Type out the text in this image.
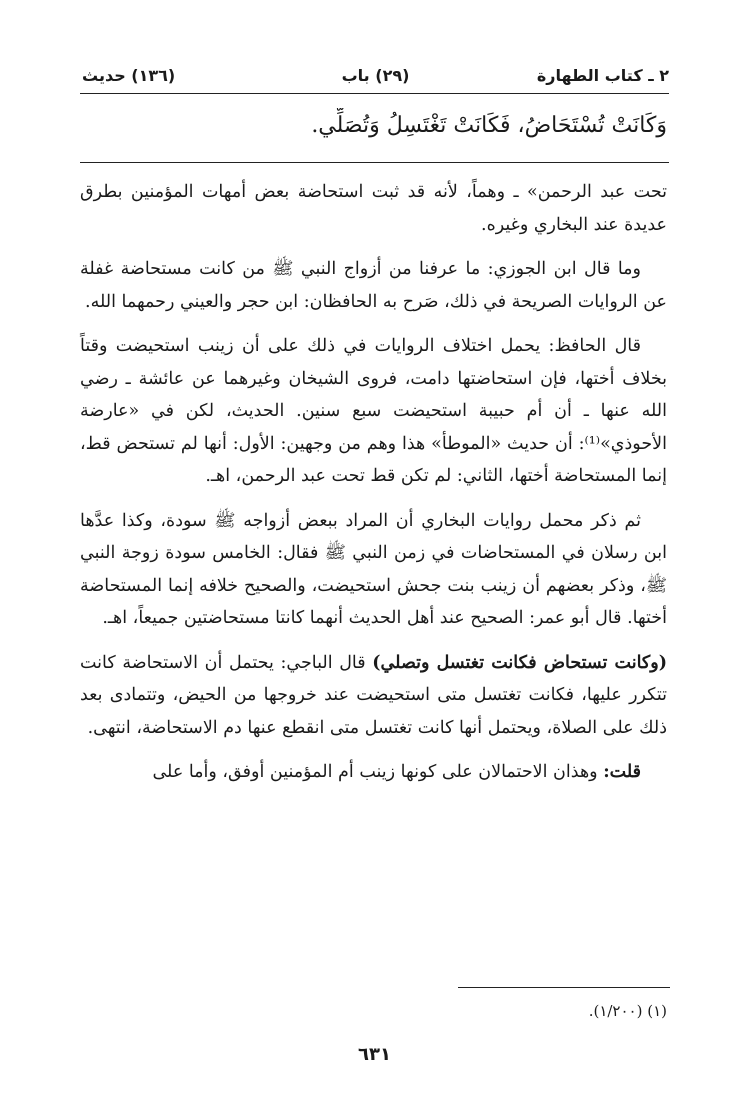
٢ ـ كتاب الطهارة
(٢٩) باب
(١٣٦) حديث
وَكَانَتْ تُسْتَحَاضُ، فَكَانَتْ تَغْتَسِلُ وَتُصَلِّي.

تحت عبد الرحمن» ـ وهماً، لأنه قد ثبت استحاضة بعض أمهات المؤمنين بطرق عديدة عند البخاري وغيره.

وما قال ابن الجوزي: ما عرفنا من أزواج النبي ﷺ من كانت مستحاضة غفلة عن الروايات الصريحة في ذلك، صَرح به الحافظان: ابن حجر والعيني رحمهما الله.

قال الحافظ: يحمل اختلاف الروايات في ذلك على أن زينب استحيضت وقتاً بخلاف أختها، فإن استحاضتها دامت، فروى الشيخان وغيرهما عن عائشة ـ رضي الله عنها ـ أن أم حبيبة استحيضت سبع سنين. الحديث، لكن في «عارضة الأحوذي»⁽¹⁾: أن حديث «الموطأ» هذا وهم من وجهين: الأول: أنها لم تستحض قط، إنما المستحاضة أختها، الثاني: لم تكن قط تحت عبد الرحمن، اهـ.

ثم ذكر محمل روايات البخاري أن المراد ببعض أزواجه ﷺ سودة، وكذا عدَّها ابن رسلان في المستحاضات في زمن النبي ﷺ فقال: الخامس سودة زوجة النبي ﷺ، وذكر بعضهم أن زينب بنت جحش استحيضت، والصحيح خلافه إنما المستحاضة أختها. قال أبو عمر: الصحيح عند أهل الحديث أنهما كانتا مستحاضتين جميعاً، اهـ.

(وكانت تستحاض فكانت تغتسل وتصلي) قال الباجي: يحتمل أن الاستحاضة كانت تتكرر عليها، فكانت تغتسل متى استحيضت عند خروجها من الحيض، وتتمادى بعد ذلك على الصلاة، ويحتمل أنها كانت تغتسل متى انقطع عنها دم الاستحاضة، انتهى.

قلت: وهذان الاحتمالان على كونها زينب أم المؤمنين أوفق، وأما على

(١) (١/٢٠٠).
٦٣١
